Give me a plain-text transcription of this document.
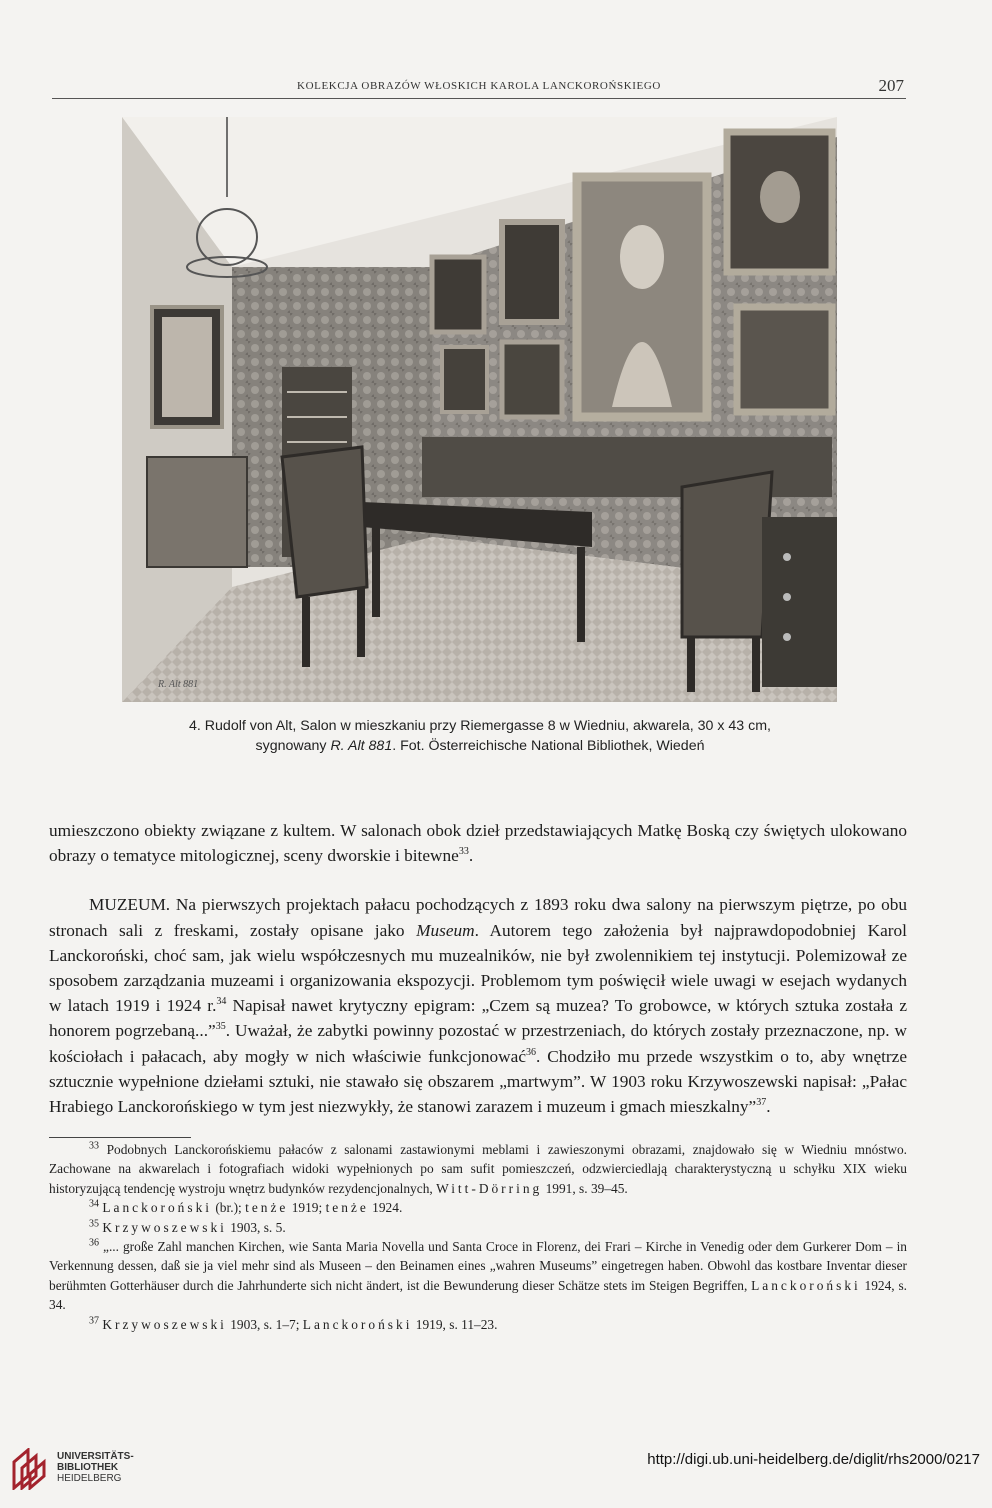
KOLEKCJA OBRAZÓW WŁOSKICH KAROLA LANCKOROŃSKIEGO	207
R. Alt 881
4. Rudolf von Alt, Salon w mieszkaniu przy Riemergasse 8 w Wiedniu, akwarela, 30 x 43 cm,
sygnowany R. Alt 881. Fot. Österreichische National Bibliothek, Wiedeń

umieszczono obiekty związane z kultem. W salonach obok dzieł przedstawiających Matkę Boską czy świętych ulokowano obrazy o tematyce mitologicznej, sceny dworskie i bitewne$^{33}$.

MUZEUM. Na pierwszych projektach pałacu pochodzących z 1893 roku dwa salony na pierwszym piętrze, po obu stronach sali z freskami, zostały opisane jako Museum. Autorem tego założenia był najprawdopodobniej Karol Lanckoroński, choć sam, jak wielu współczesnych mu muzealników, nie był zwolennikiem tej instytucji. Polemizował ze sposobem zarządzania muzeami i organizowania ekspozycji. Problemom tym poświęcił wiele uwagi w esejach wydanych w latach 1919 i 1924 r.$^{34}$ Napisał nawet krytyczny epigram: „Czem są muzea? To grobowce, w których sztuka została z honorem pogrzebaną...”$^{35}$. Uważał, że zabytki powinny pozostać w przestrzeniach, do których zostały przeznaczone, np. w kościołach i pałacach, aby mogły w nich właściwie funkcjonować$^{36}$. Chodziło mu przede wszystkim o to, aby wnętrze sztucznie wypełnione dziełami sztuki, nie stawało się obszarem „martwym”. W 1903 roku Krzywoszewski napisał: „Pałac Hrabiego Lanckorońskiego w tym jest niezwykły, że stanowi zarazem i muzeum i gmach mieszkalny”$^{37}$.

$^{33}$ Podobnych Lanckorońskiemu pałaców z salonami zastawionymi meblami i zawieszonymi obrazami, znajdowało się w Wiedniu mnóstwo. Zachowane na akwarelach i fotografiach widoki wypełnionych po sam sufit pomieszczeń, odzwierciedlają charakterystyczną u schyłku XIX wieku historyzującą tendencję wystroju wnętrz budynków rezydencjonalnych, Witt-Dörring 1991, s. 39–45.

$^{34}$ Lanckoroński (br.); tenże 1919; tenże 1924.

$^{35}$ Krzywoszewski 1903, s. 5.

$^{36}$ „... große Zahl manchen Kirchen, wie Santa Maria Novella und Santa Croce in Florenz, dei Frari – Kirche in Venedig oder dem Gurkerer Dom – in Verkennung dessen, daß sie ja viel mehr sind als Museen – den Beinamen eines „wahren Museums” eingetregen haben. Obwohl das kostbare Inventar dieser berühmten Gotterhäuser durch die Jahrhunderte sich nicht ändert, ist die Bewunderung dieser Schätze stets im Steigen Begriffen, Lanckoroński 1924, s. 34.

$^{37}$ Krzywoszewski 1903, s. 1–7; Lanckoroński 1919, s. 11–23.

UNIVERSITÄTS-
BIBLIOTHEK
HEIDELBERG
http://digi.ub.uni-heidelberg.de/diglit/rhs2000/0217
